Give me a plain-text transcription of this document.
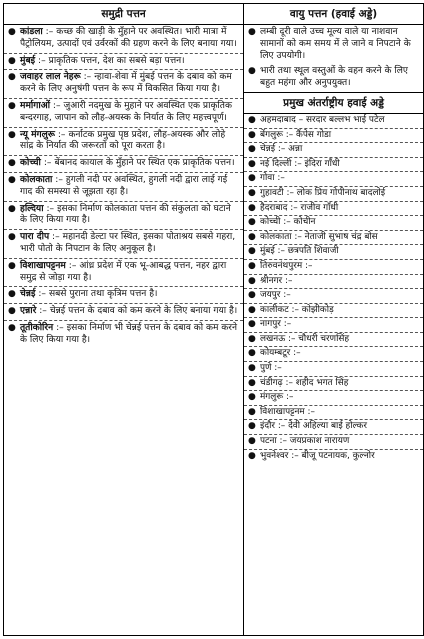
समुद्री पत्तन
● कांडला :– कच्छ की खाड़ी के मुँहाने पर अवस्थित। भारी मात्रा में पैट्रोलियम, उत्पादों एवं उर्वरकों की ग्रहण करने के लिए बनाया गया।
● मुंबई :– प्राकृतिक पत्तन, देश का सबसे बड़ा पत्तन।
● जवाहर लाल नेहरू :– न्हावा-शेवा में मुंबई पत्तन के दबाव को कम करने के लिए अनुषंगी पत्तन के रूप में विकसित किया गया है।
● मर्मागाओं :– जुआरी नदमुख के मुहाने पर अवस्थित एक प्राकृतिक बन्दरगाह, जापान को लौह-अयस्क के निर्यात के लिए महत्त्वपूर्ण।
● न्यू मंगलुरू :– कर्नाटक प्रमुख पृष्ठ प्रदेश, लौह-अयस्क और लोहे सांद्र के निर्यात की जरूरतों को पूरा करता है।
● कोच्ची :– बेंबानद कायाल के मुँहाने पर स्थित एक प्राकृतिक पत्तन।
● कोलकाता :– हुगली नदी पर अवस्थित, हुगली नदी द्वारा लाई गई गाद की समस्या से जूझता रहा है।
● हल्दिया :– इसका निर्माण कोलकाता पत्तन की संकुलता को घटाने के लिए किया गया है।
● पारा दीप :– महानदी डेल्टा पर स्थित, इसका पोताश्रय सबसे गहरा, भारी पोतो के निपटान के लिए अनुकूल है।
● विशाखापट्टनम :– आंध्र प्रदेश में एक भू-आबद्ध पत्तन, नहर द्वारा समुद्र से जोड़ा गया है।
● चेन्नई :– सबसे पुराना तथा कृत्रिम पत्तन है।
● एन्नारे :– चेन्नई पत्तन के दबाव को कम करने के लिए बनाया गया है।
● तूतीकोरिन :– इसका निर्माण भी चेन्नई पत्तन के दबाव को कम करने के लिए किया गया है।

वायु पत्तन (हवाई अड्डे)
● लम्बी दूरी वाले उच्च मूल्य वाले या नाशवान सामानों को कम समय में ले जाने व निपटाने के लिए उपयोगी।
● भारी तथा स्थूल वस्तुओं के वहन करने के लिए बहुत महंगा और अनुपयुक्त।
प्रमुख अंतर्राष्ट्रीय हवाई अड्डे
● अहमदाबाद – सरदार बल्लभ भाई पटेल
● बेंगलुरू :– कैंपेस गोडा
● चेन्नई :– अन्ना
● नई दिल्ली :– इंदिरा गाँधी
● गोवा :–
● गुहावटी :– लोक प्रिय गोपीनाथ बादलोई
● हैदराबाद :– राजीव गाँधी
● कोच्ची :– कोचीन
● कोलकाता :– नेताजी सुभाष चंद्र बोस
● मुंबई :– छत्रपति शिवाजी
● तिरुवनंथपुरम :–
● श्रीनगर :–
● जयपुर :–
● कालीकट :– कोझीकोड़
● नागपुर :–
● लखनऊ :– चौधरी चरणसिंह
● कोयम्बटूर :–
● पुणे :–
● चंडीगढ़ :– शहीद भगत सिंह
● मंगलुरू :–
● विशाखापट्टनम :–
● इंदौर :– देवी अहिल्या बाई होल्कर
● पटना :– जयप्रकाश नारायण
● भुवनेश्वर :– बीजू पटनायक, कुल्नोर
